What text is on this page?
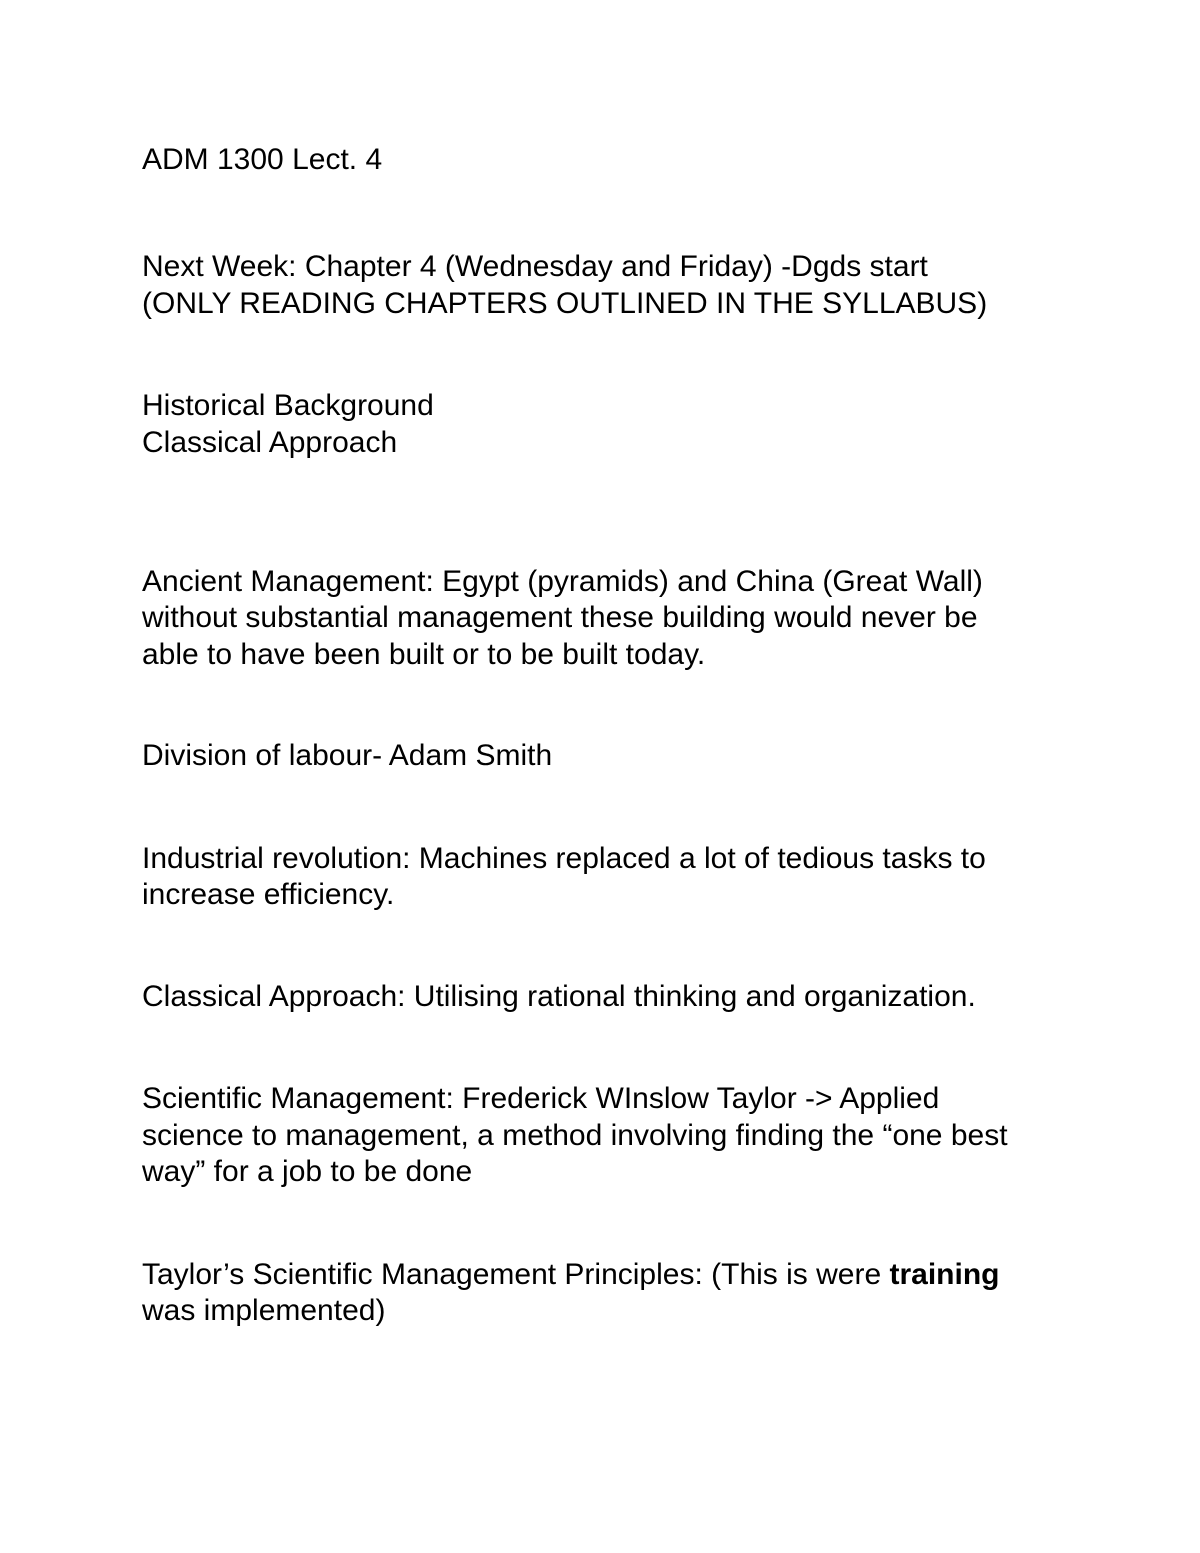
ADM 1300 Lect. 4

Next Week: Chapter 4 (Wednesday and Friday) -Dgds start

(ONLY READING CHAPTERS OUTLINED IN THE SYLLABUS)

Historical Background

Classical Approach

Ancient Management: Egypt (pyramids) and China (Great Wall)

without substantial management these building would never be

able to have been built or to be built today.

Division of labour- Adam Smith

Industrial revolution: Machines replaced a lot of tedious tasks to

increase efficiency.

Classical Approach: Utilising rational thinking and organization.

Scientific Management: Frederick WInslow Taylor -> Applied

science to management, a method involving finding the “one best

way” for a job to be done

Taylor’s Scientific Management Principles: (This is were training

was implemented)
